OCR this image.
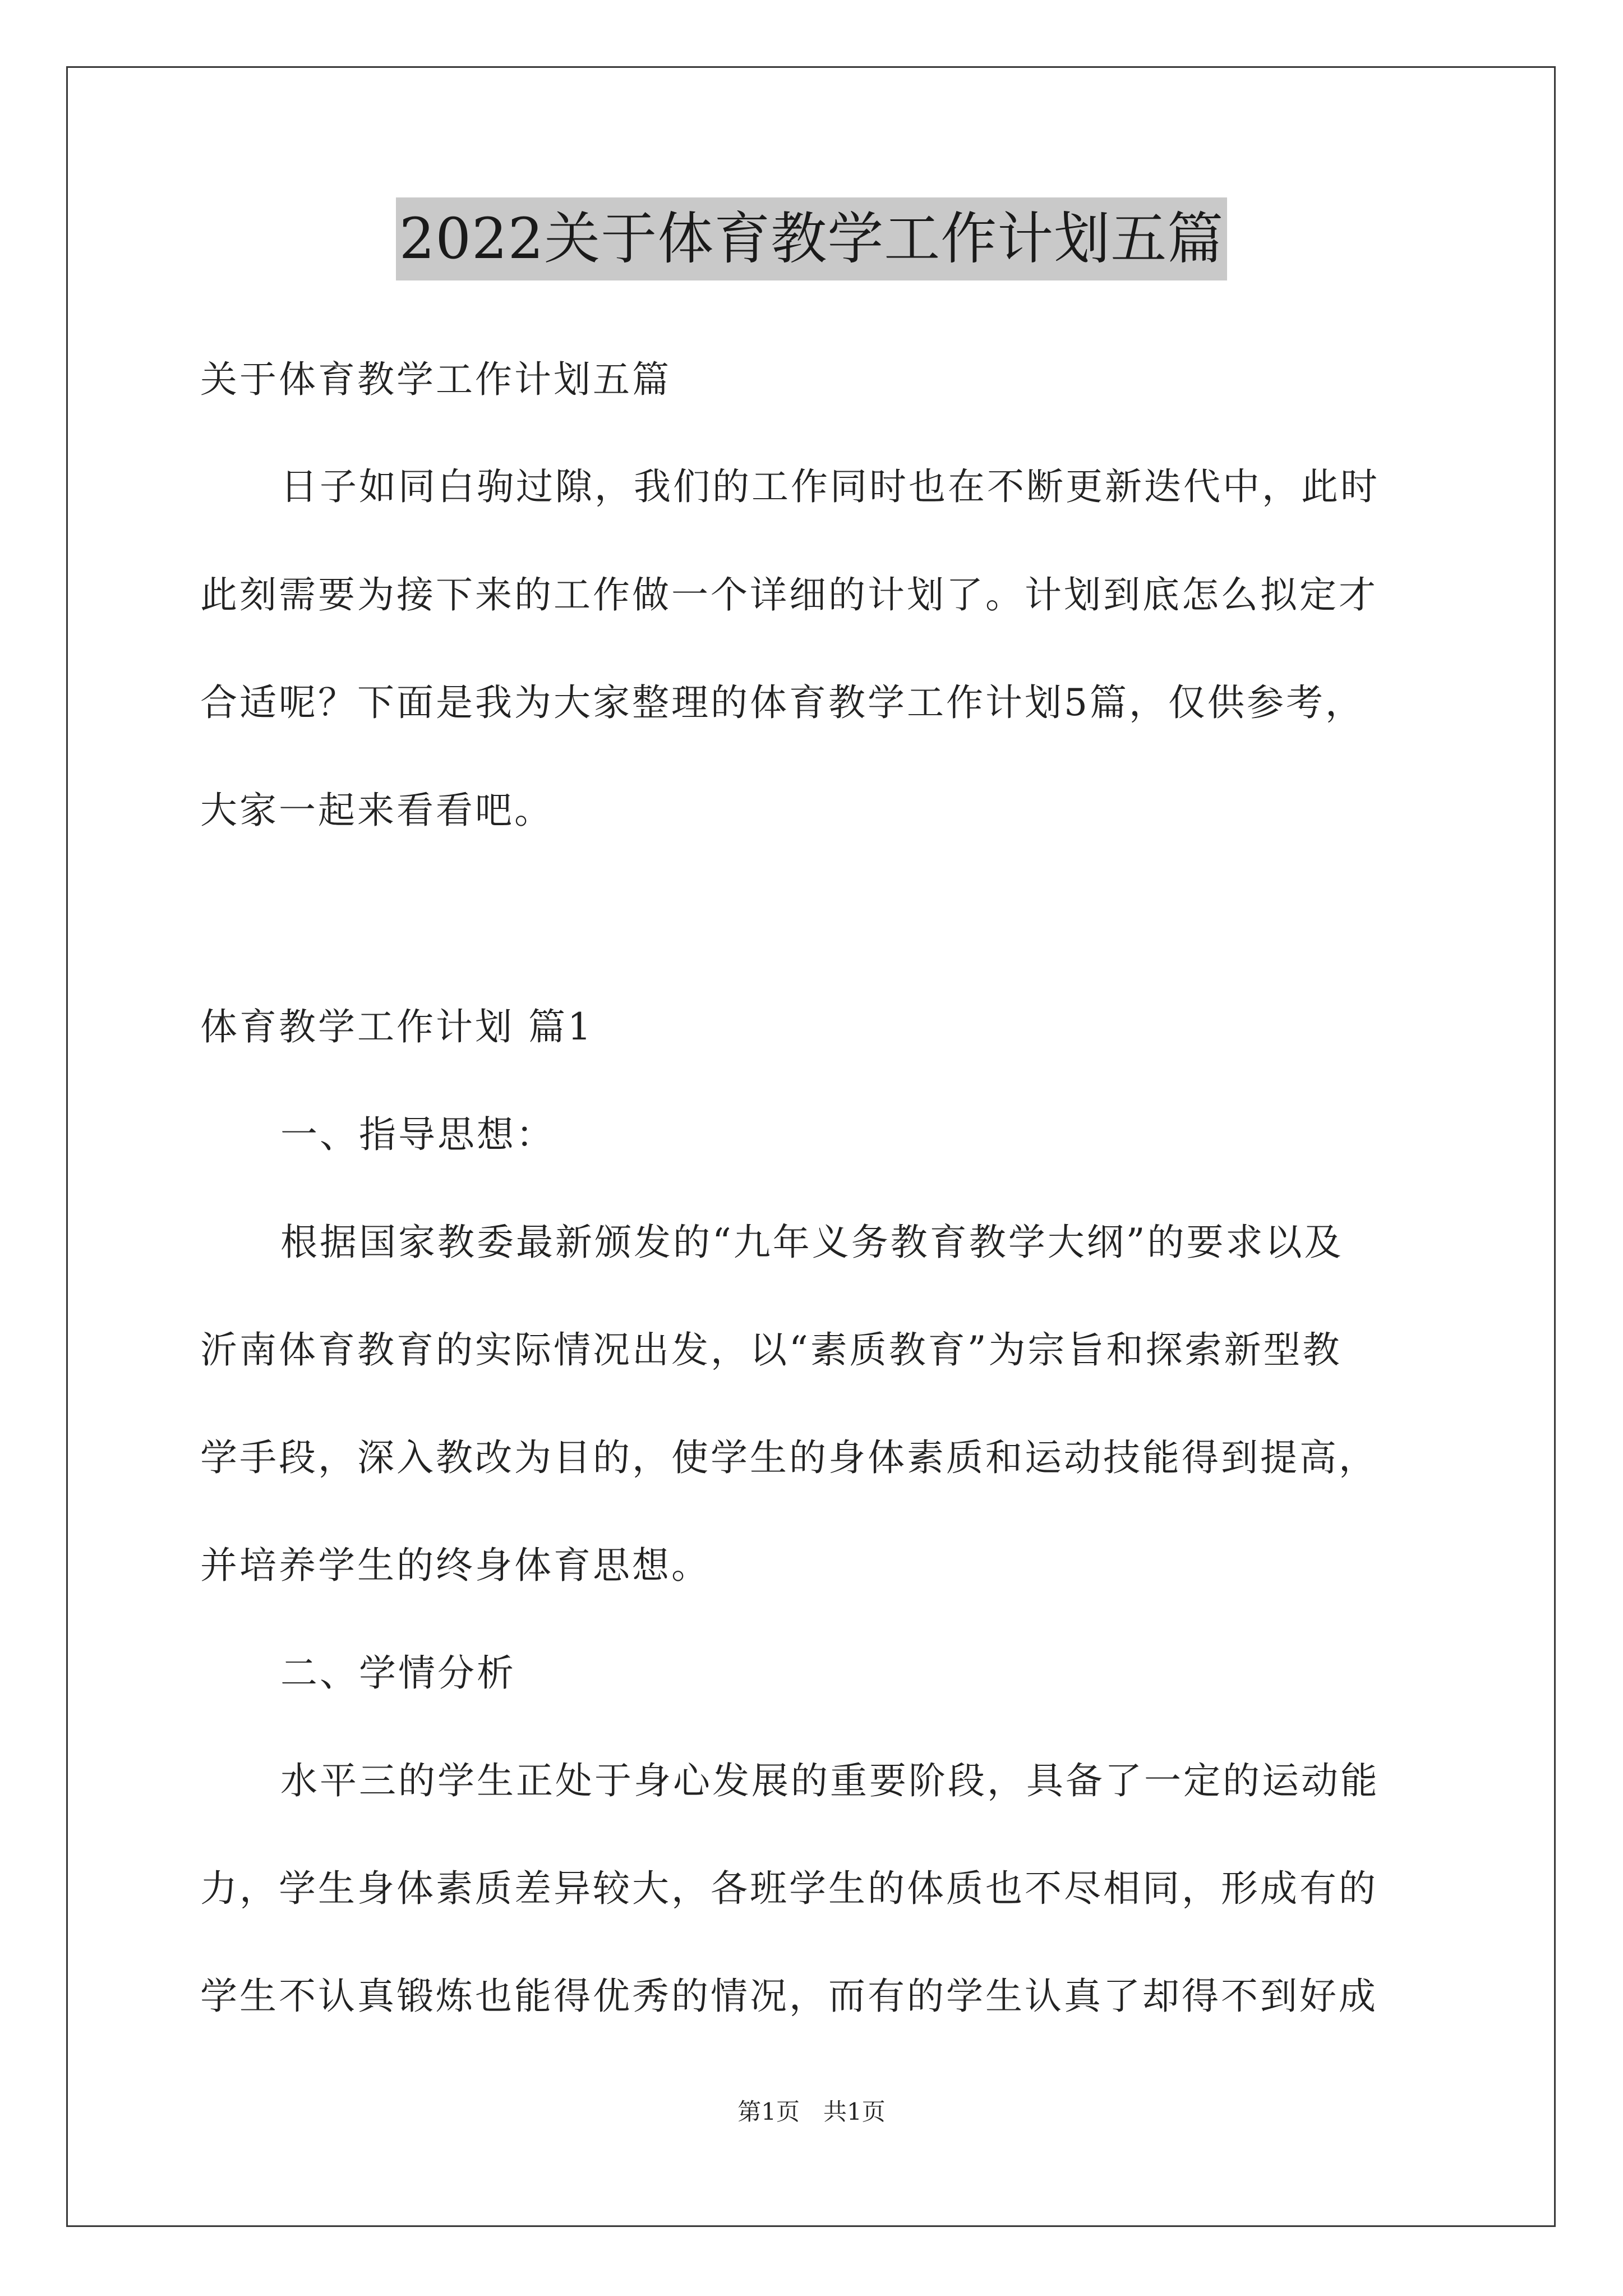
2022关于体育教学工作计划五篇
关于体育教学工作计划五篇
日子如同白驹过隙，我们的工作同时也在不断更新迭代中，此时
此刻需要为接下来的工作做一个详细的计划了。计划到底怎么拟定才
合适呢？下面是我为大家整理的体育教学工作计划5篇，仅供参考，
大家一起来看看吧。
体育教学工作计划 篇1
一、指导思想：
根据国家教委最新颁发的“九年义务教育教学大纲”的要求以及
沂南体育教育的实际情况出发，以“素质教育”为宗旨和探索新型教
学手段，深入教改为目的，使学生的身体素质和运动技能得到提高，
并培养学生的终身体育思想。
二、学情分析
水平三的学生正处于身心发展的重要阶段，具备了一定的运动能
力，学生身体素质差异较大，各班学生的体质也不尽相同，形成有的
学生不认真锻炼也能得优秀的情况，而有的学生认真了却得不到好成
第1页　共1页
